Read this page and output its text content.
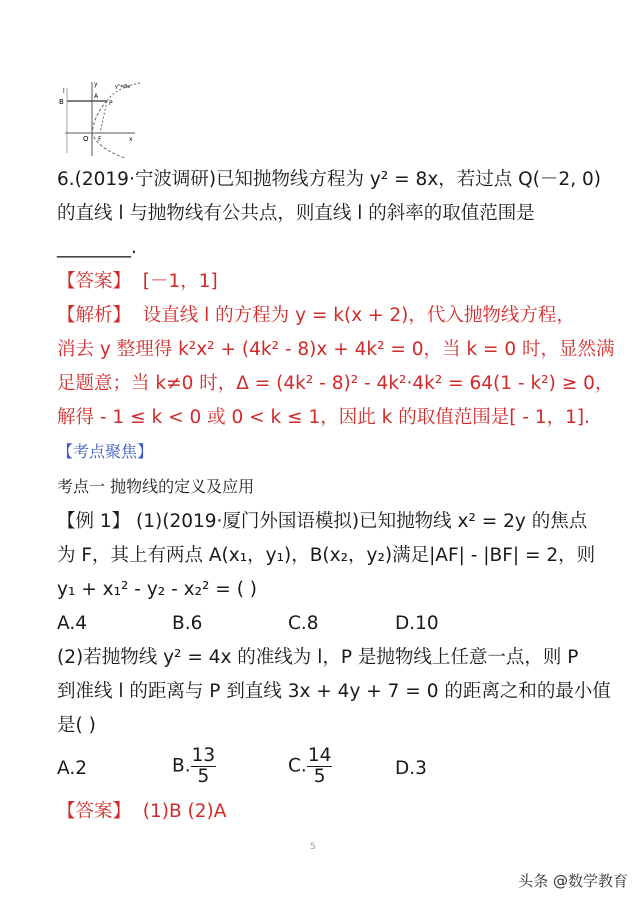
B
A
P
y²=8x
O F	x
y
l
6.(2019·宁波调研)已知抛物线方程为 y² = 8x，若过点 Q(－2, 0)
的直线 l 与抛物线有公共点，则直线 l 的斜率的取值范围是
________.
【答案】 [－1，1]
【解析】 设直线 l 的方程为 y = k(x + 2)，代入抛物线方程，
消去 y 整理得 k²x² + (4k² - 8)x + 4k² = 0，当 k = 0 时，显然满
足题意；当 k≠0 时，Δ = (4k² - 8)² - 4k²·4k² = 64(1 - k²) ≥ 0，
解得 - 1 ≤ k < 0 或 0 < k ≤ 1，因此 k 的取值范围是[ - 1，1].
【考点聚焦】
考点一 抛物线的定义及应用
【例 1】 (1)(2019·厦门外国语模拟)已知抛物线 x² = 2y 的焦点
为 F，其上有两点 A(x₁，y₁)，B(x₂，y₂)满足|AF| - |BF| = 2，则
y₁ + x₁² - y₂ - x₂² = ( )
A.4	B.6	C.8	D.10
(2)若抛物线 y² = 4x 的准线为 l，P 是抛物线上任意一点，则 P
到准线 l 的距离与 P 到直线 3x + 4y + 7 = 0 的距离之和的最小值
是( )
A.2	B. $\frac{13}{5}$	C. $\frac{14}{5}$	D.3
【答案】 (1)B (2)A
5
头条 @数学教育
